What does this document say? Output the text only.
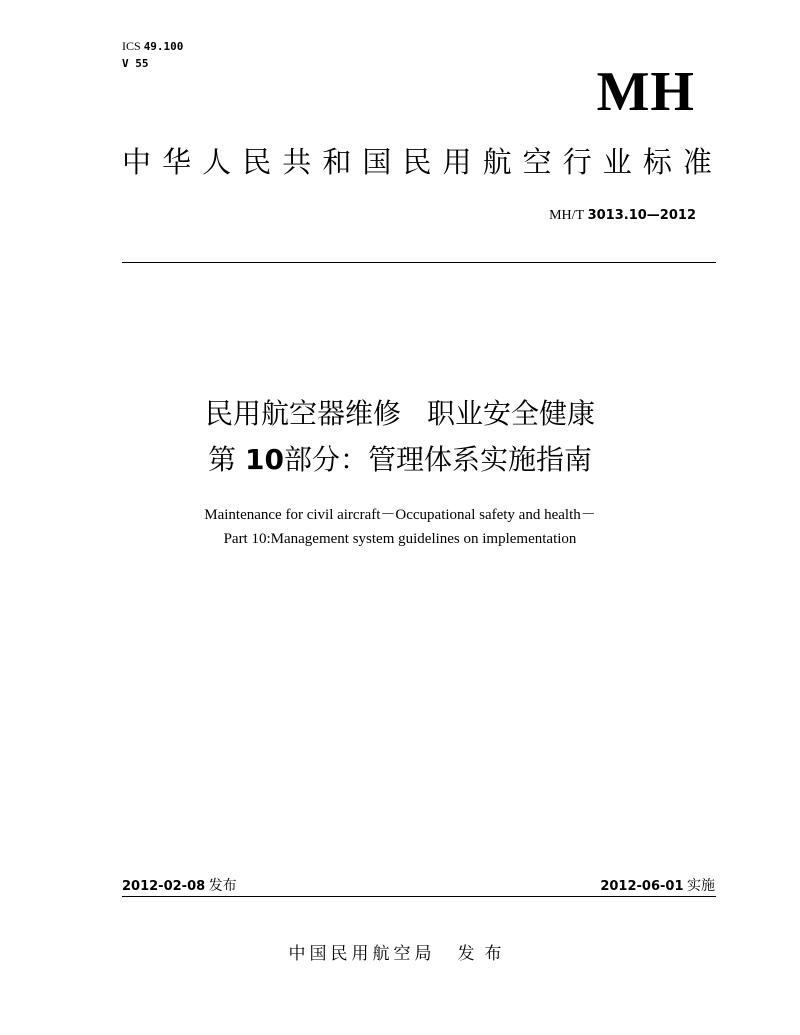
ICS 49.100
V 55	MH
中 华 人 民 共 和 国 民 用 航 空 行 业 标 准
MH/T 3013.10—2012
民用航空器维修 职业安全健康
第 10部分：管理体系实施指南
Maintenance for civil aircraft－Occupational safety and health－
Part 10:Management system guidelines on implementation
2012-02-08 发布	2012-06-01 实施
中国民用航空局 发布
